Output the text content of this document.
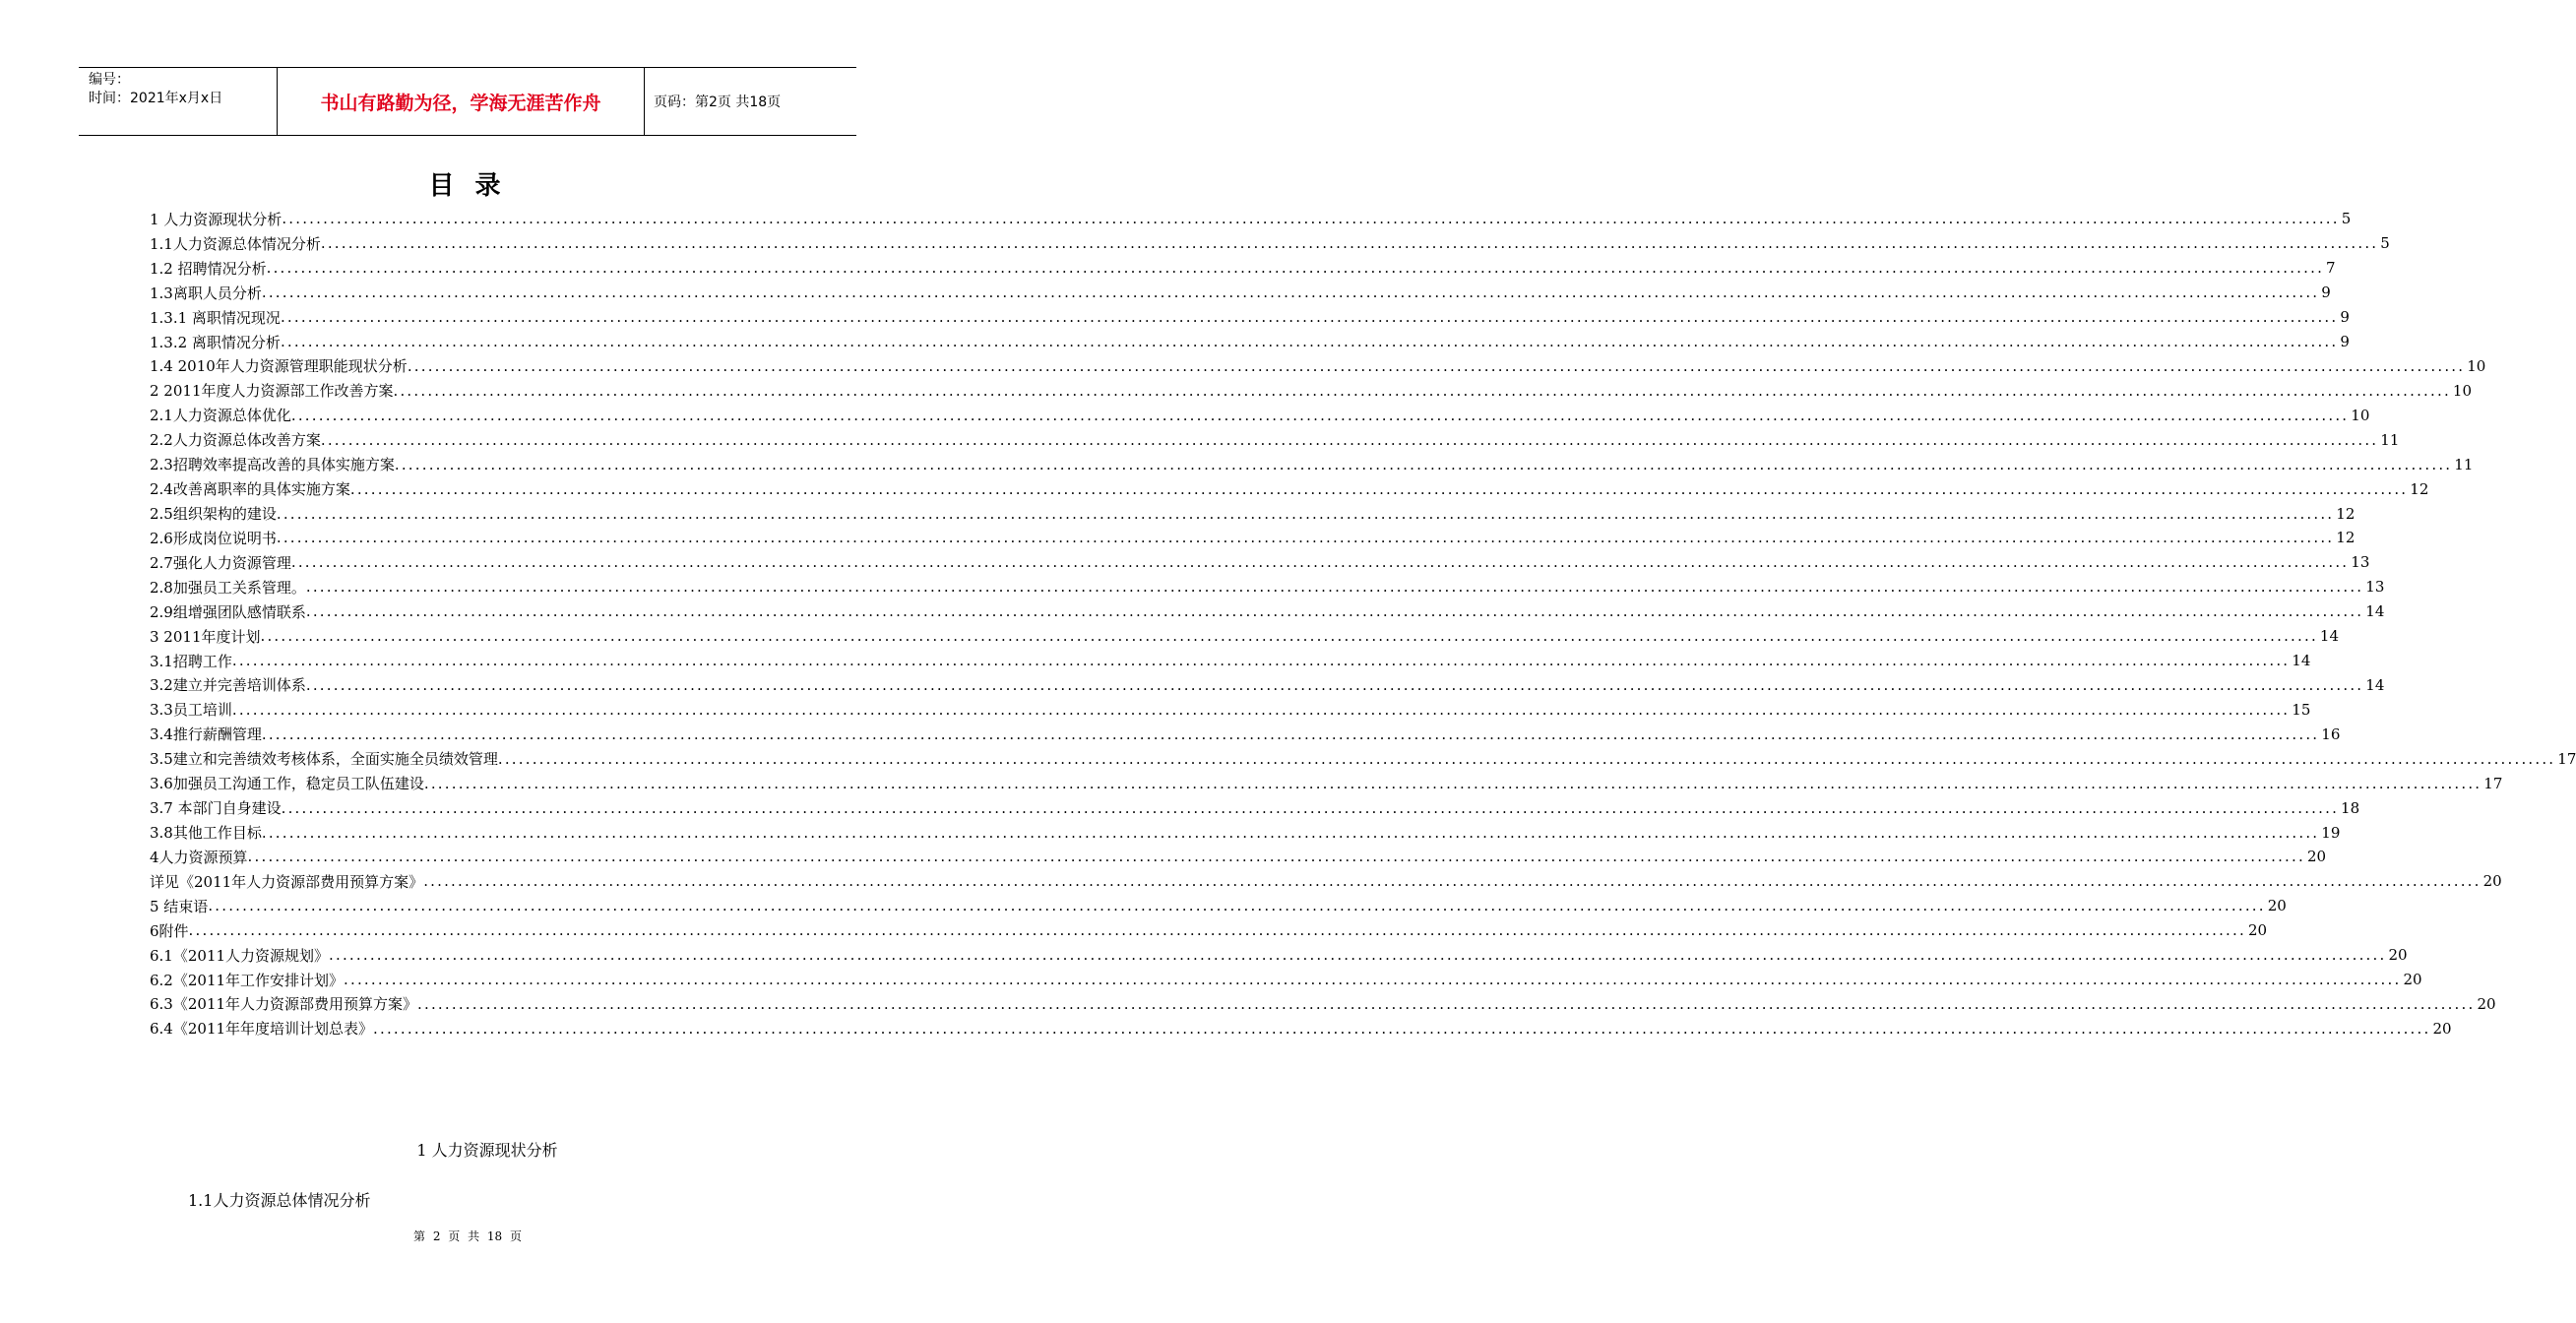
编号：
时间：2021年x月x日	书山有路勤为径，学海无涯苦作舟	页码：第2页 共18页
目 录
1 人力资源现状分析 ............................................................................................................................................................................................................................................................................................................ 5
1.1人力资源总体情况分析 ............................................................................................................................................................................................................................................................................................................ 5
1.2 招聘情况分析 ............................................................................................................................................................................................................................................................................................................ 7
1.3离职人员分析 ............................................................................................................................................................................................................................................................................................................ 9
1.3.1 离职情况现况 ............................................................................................................................................................................................................................................................................................................ 9
1.3.2 离职情况分析 ............................................................................................................................................................................................................................................................................................................ 9
1.4 2010年人力资源管理职能现状分析 ............................................................................................................................................................................................................................................................................................................ 10
2 2011年度人力资源部工作改善方案 ............................................................................................................................................................................................................................................................................................................ 10
2.1人力资源总体优化 ............................................................................................................................................................................................................................................................................................................ 10
2.2人力资源总体改善方案 ............................................................................................................................................................................................................................................................................................................ 11
2.3招聘效率提高改善的具体实施方案 ............................................................................................................................................................................................................................................................................................................ 11
2.4改善离职率的具体实施方案 ............................................................................................................................................................................................................................................................................................................ 12
2.5组织架构的建设 ............................................................................................................................................................................................................................................................................................................ 12
2.6形成岗位说明书 ............................................................................................................................................................................................................................................................................................................ 12
2.7强化人力资源管理 ............................................................................................................................................................................................................................................................................................................ 13
2.8加强员工关系管理。 ............................................................................................................................................................................................................................................................................................................ 13
2.9组增强团队感情联系 ............................................................................................................................................................................................................................................................................................................ 14
3 2011年度计划 ............................................................................................................................................................................................................................................................................................................ 14
3.1招聘工作 ............................................................................................................................................................................................................................................................................................................ 14
3.2建立并完善培训体系 ............................................................................................................................................................................................................................................................................................................ 14
3.3员工培训 ............................................................................................................................................................................................................................................................................................................ 15
3.4推行薪酬管理 ............................................................................................................................................................................................................................................................................................................ 16
3.5建立和完善绩效考核体系，全面实施全员绩效管理 ............................................................................................................................................................................................................................................................................................................ 17
3.6加强员工沟通工作，稳定员工队伍建设 ............................................................................................................................................................................................................................................................................................................ 17
3.7 本部门自身建设 ............................................................................................................................................................................................................................................................................................................ 18
3.8其他工作目标 ............................................................................................................................................................................................................................................................................................................ 19
4人力资源预算 ............................................................................................................................................................................................................................................................................................................ 20
详见《2011年人力资源部费用预算方案》 ............................................................................................................................................................................................................................................................................................................ 20
5 结束语 ............................................................................................................................................................................................................................................................................................................ 20
6附件 ............................................................................................................................................................................................................................................................................................................ 20
6.1《2011人力资源规划》 ............................................................................................................................................................................................................................................................................................................ 20
6.2《2011年工作安排计划》 ............................................................................................................................................................................................................................................................................................................ 20
6.3《2011年人力资源部费用预算方案》 ............................................................................................................................................................................................................................................................................................................ 20
6.4《2011年年度培训计划总表》 ............................................................................................................................................................................................................................................................................................................ 20
1 人力资源现状分析
1.1人力资源总体情况分析
第 2 页 共 18 页
